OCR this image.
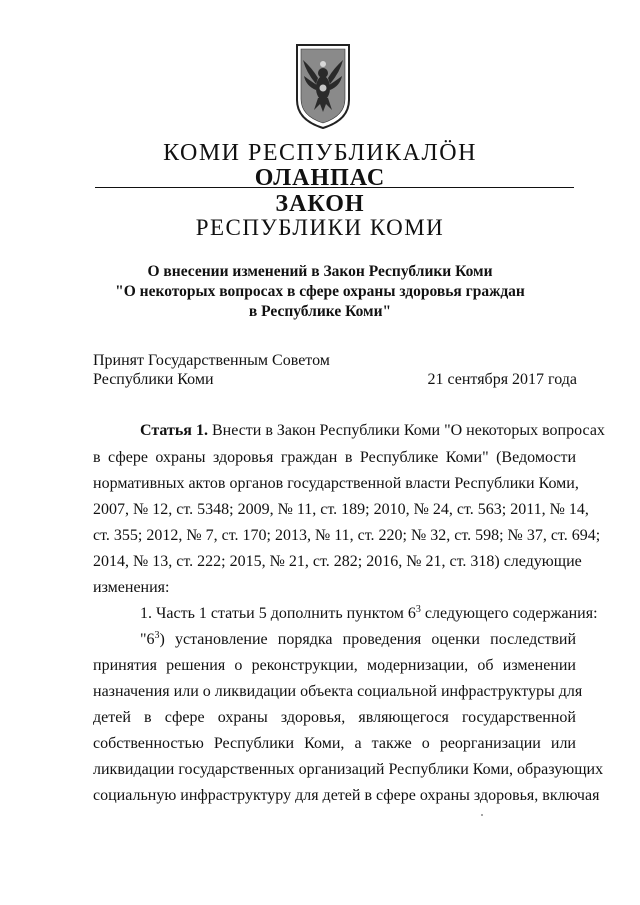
КОМИ РЕСПУБЛИКАЛÖН
ОЛАНПАС
ЗАКОН
РЕСПУБЛИКИ КОМИ
О внесении изменений в Закон Республики Коми
"О некоторых вопросах в сфере охраны здоровья граждан
в Республике Коми"
Принят Государственным Советом
Республики Коми	21 сентября 2017 года
Статья 1. Внести в Закон Республики Коми "О некоторых вопросах
в сфере охраны здоровья граждан в Республике Коми" (Ведомости
нормативных актов органов государственной власти Республики Коми,
2007, № 12, ст. 5348; 2009, № 11, ст. 189; 2010, № 24, ст. 563; 2011, № 14,
ст. 355; 2012, № 7, ст. 170; 2013, № 11, ст. 220; № 32, ст. 598; № 37, ст. 694;
2014, № 13, ст. 222; 2015, № 21, ст. 282; 2016, № 21, ст. 318) следующие
изменения:
1. Часть 1 статьи 5 дополнить пунктом $6^3$ следующего содержания:
"$6^3$) установление порядка проведения оценки последствий
принятия решения о реконструкции, модернизации, об изменении
назначения или о ликвидации объекта социальной инфраструктуры для
детей в сфере охраны здоровья, являющегося государственной
собственностью Республики Коми, а также о реорганизации или
ликвидации государственных организаций Республики Коми, образующих
социальную инфраструктуру для детей в сфере охраны здоровья, включая
